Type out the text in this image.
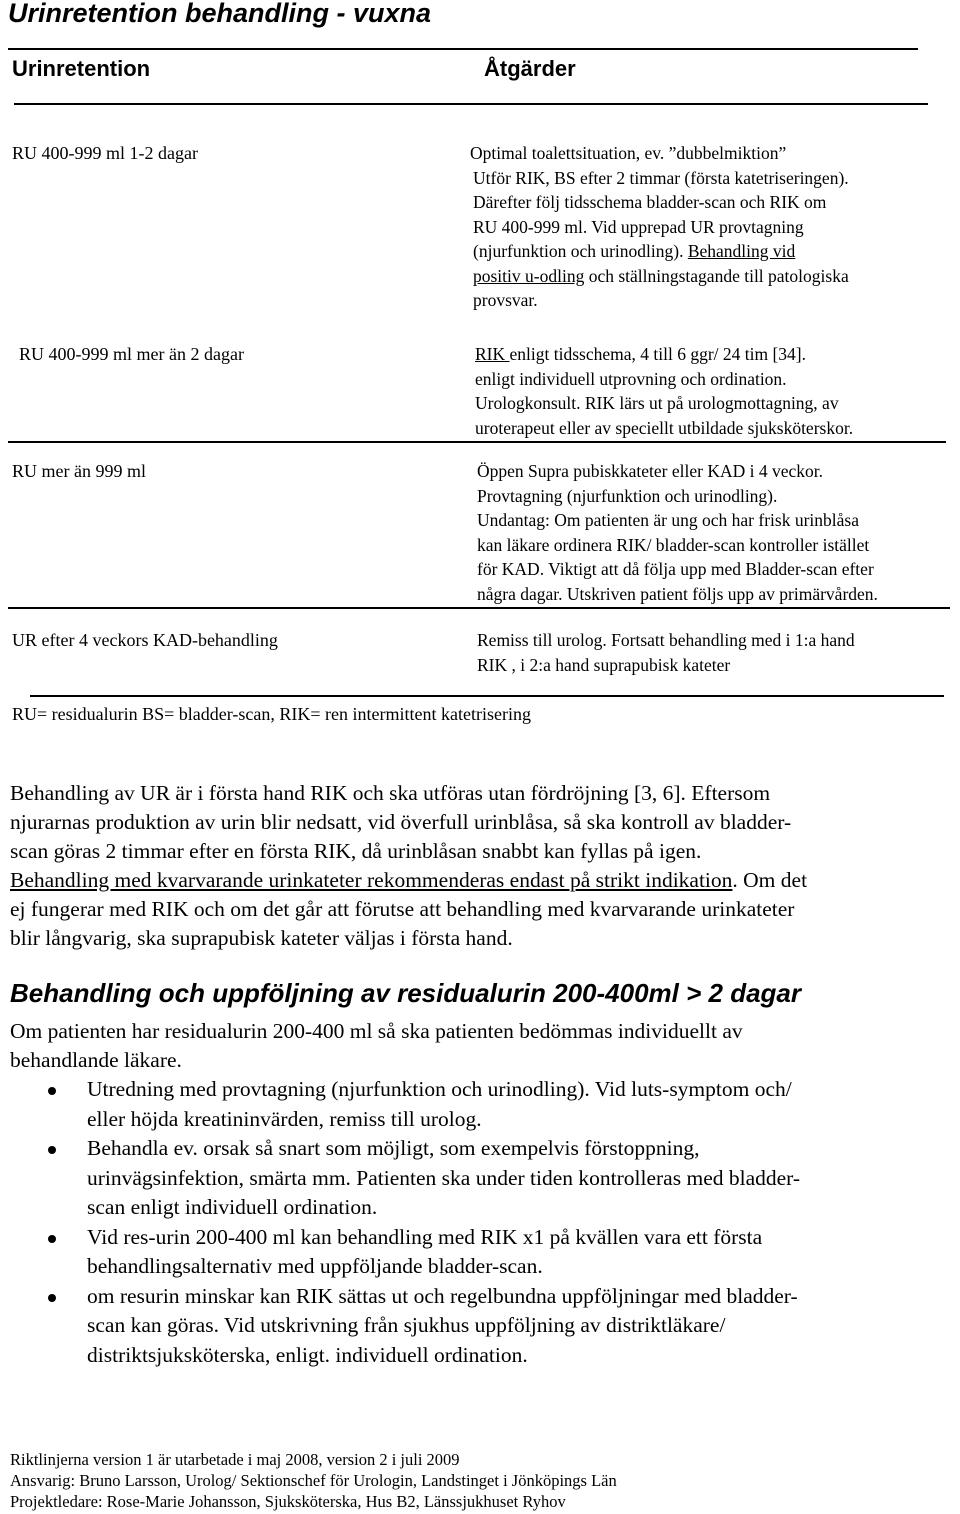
Urinretention behandling - vuxna
Urinretention	Åtgärder
RU 400-999 ml 1-2 dagar	Optimal toalettsituation, ev. ”dubbelmiktion”
Utför RIK, BS efter 2 timmar (första katetriseringen).
Därefter följ tidsschema bladder-scan och RIK om
RU 400-999 ml. Vid upprepad UR provtagning
(njurfunktion och urinodling). Behandling vid
positiv u-odling och ställningstagande till patologiska
provsvar.
RU 400-999 ml mer än 2 dagar	RIK enligt tidsschema, 4 till 6 ggr/ 24 tim [34].
enligt individuell utprovning och ordination.
Urologkonsult. RIK lärs ut på urologmottagning, av
uroterapeut eller av speciellt utbildade sjuksköterskor.
RU mer än 999 ml	Öppen Supra pubiskkateter eller KAD i 4 veckor.
Provtagning (njurfunktion och urinodling).
Undantag: Om patienten är ung och har frisk urinblåsa
kan läkare ordinera RIK/ bladder-scan kontroller istället
för KAD. Viktigt att då följa upp med Bladder-scan efter
några dagar. Utskriven patient följs upp av primärvården.
UR efter 4 veckors KAD-behandling	Remiss till urolog. Fortsatt behandling med i 1:a hand
RIK , i 2:a hand suprapubisk kateter
RU= residualurin BS= bladder-scan, RIK= ren intermittent katetrisering
Behandling av UR är i första hand RIK och ska utföras utan fördröjning [3, 6]. Eftersom
njurarnas produktion av urin blir nedsatt, vid överfull urinblåsa, så ska kontroll av bladder-
scan göras 2 timmar efter en första RIK, då urinblåsan snabbt kan fyllas på igen.
Behandling med kvarvarande urinkateter rekommenderas endast på strikt indikation. Om det
ej fungerar med RIK och om det går att förutse att behandling med kvarvarande urinkateter
blir långvarig, ska suprapubisk kateter väljas i första hand.
Behandling och uppföljning av residualurin 200-400ml > 2 dagar
Om patienten har residualurin 200-400 ml så ska patienten bedömmas individuellt av
behandlande läkare.
Utredning med provtagning (njurfunktion och urinodling). Vid luts-symptom och/
eller höjda kreatininvärden, remiss till urolog.
Behandla ev. orsak så snart som möjligt, som exempelvis förstoppning,
urinvägsinfektion, smärta mm. Patienten ska under tiden kontrolleras med bladder-
scan enligt individuell ordination.
Vid res-urin 200-400 ml kan behandling med RIK x1 på kvällen vara ett första
behandlingsalternativ med uppföljande bladder-scan.
om resurin minskar kan RIK sättas ut och regelbundna uppföljningar med bladder-
scan kan göras. Vid utskrivning från sjukhus uppföljning av distriktläkare/
distriktsjuksköterska, enligt. individuell ordination.
Riktlinjerna version 1 är utarbetade i maj 2008, version 2 i juli 2009
Ansvarig: Bruno Larsson, Urolog/ Sektionschef för Urologin, Landstinget i Jönköpings Län
Projektledare: Rose-Marie Johansson, Sjuksköterska, Hus B2, Länssjukhuset Ryhov
